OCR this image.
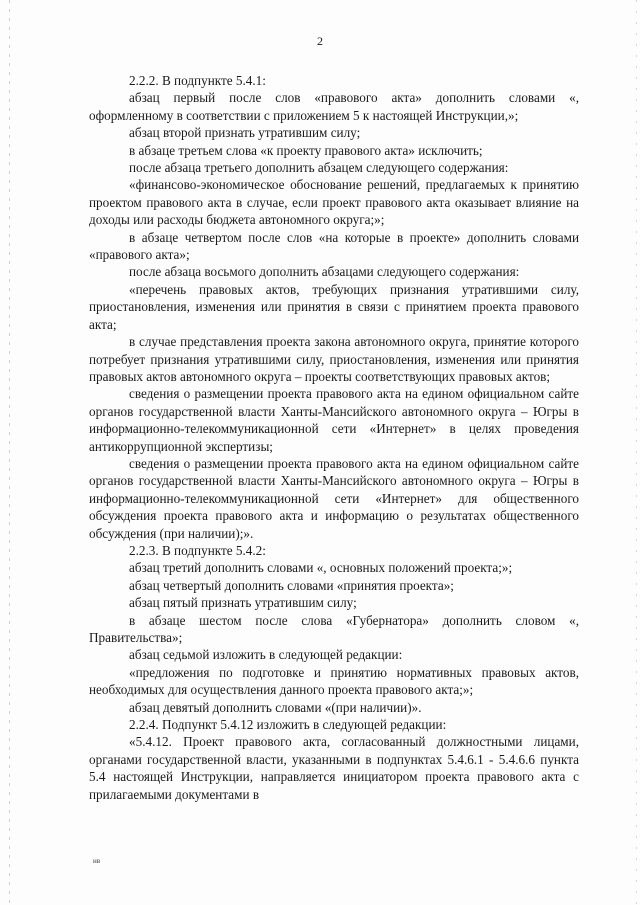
2

2.2.2. В подпункте 5.4.1:

абзац первый после слов «правового акта» дополнить словами «, оформленному в соответствии с приложением 5 к настоящей Инструкции,»;

абзац второй признать утратившим силу;

в абзаце третьем слова «к проекту правового акта» исключить;

после абзаца третьего дополнить абзацем следующего содержания:

«финансово-экономическое обоснование решений, предлагаемых к принятию проектом правового акта в случае, если проект правового акта оказывает влияние на доходы или расходы бюджета автономного округа;»;

в абзаце четвертом после слов «на которые в проекте» дополнить словами «правового акта»;

после абзаца восьмого дополнить абзацами следующего содержания:

«перечень правовых актов, требующих признания утратившими силу, приостановления, изменения или принятия в связи с принятием проекта правового акта;

в случае представления проекта закона автономного округа, принятие которого потребует признания утратившими силу, приостановления, изменения или принятия правовых актов автономного округа – проекты соответствующих правовых актов;

сведения о размещении проекта правового акта на едином официальном сайте органов государственной власти Ханты-Мансийского автономного округа – Югры в информационно-телекоммуникационной сети «Интернет» в целях проведения антикоррупционной экспертизы;

сведения о размещении проекта правового акта на едином официальном сайте органов государственной власти Ханты-Мансийского автономного округа – Югры в информационно-телекоммуникационной сети «Интернет» для общественного обсуждения проекта правового акта и информацию о результатах общественного обсуждения (при наличии);».

2.2.3. В подпункте 5.4.2:

абзац третий дополнить словами «, основных положений проекта;»;

абзац четвертый дополнить словами «принятия проекта»;

абзац пятый признать утратившим силу;

в абзаце шестом после слова «Губернатора» дополнить словом «, Правительства»;

абзац седьмой изложить в следующей редакции:

«предложения по подготовке и принятию нормативных правовых актов, необходимых для осуществления данного проекта правового акта;»;

абзац девятый дополнить словами «(при наличии)».

2.2.4. Подпункт 5.4.12 изложить в следующей редакции:

«5.4.12. Проект правового акта, согласованный должностными лицами, органами государственной власти, указанными в подпунктах 5.4.6.1 - 5.4.6.6 пункта 5.4 настоящей Инструкции, направляется инициатором проекта правового акта с прилагаемыми документами в

нв
